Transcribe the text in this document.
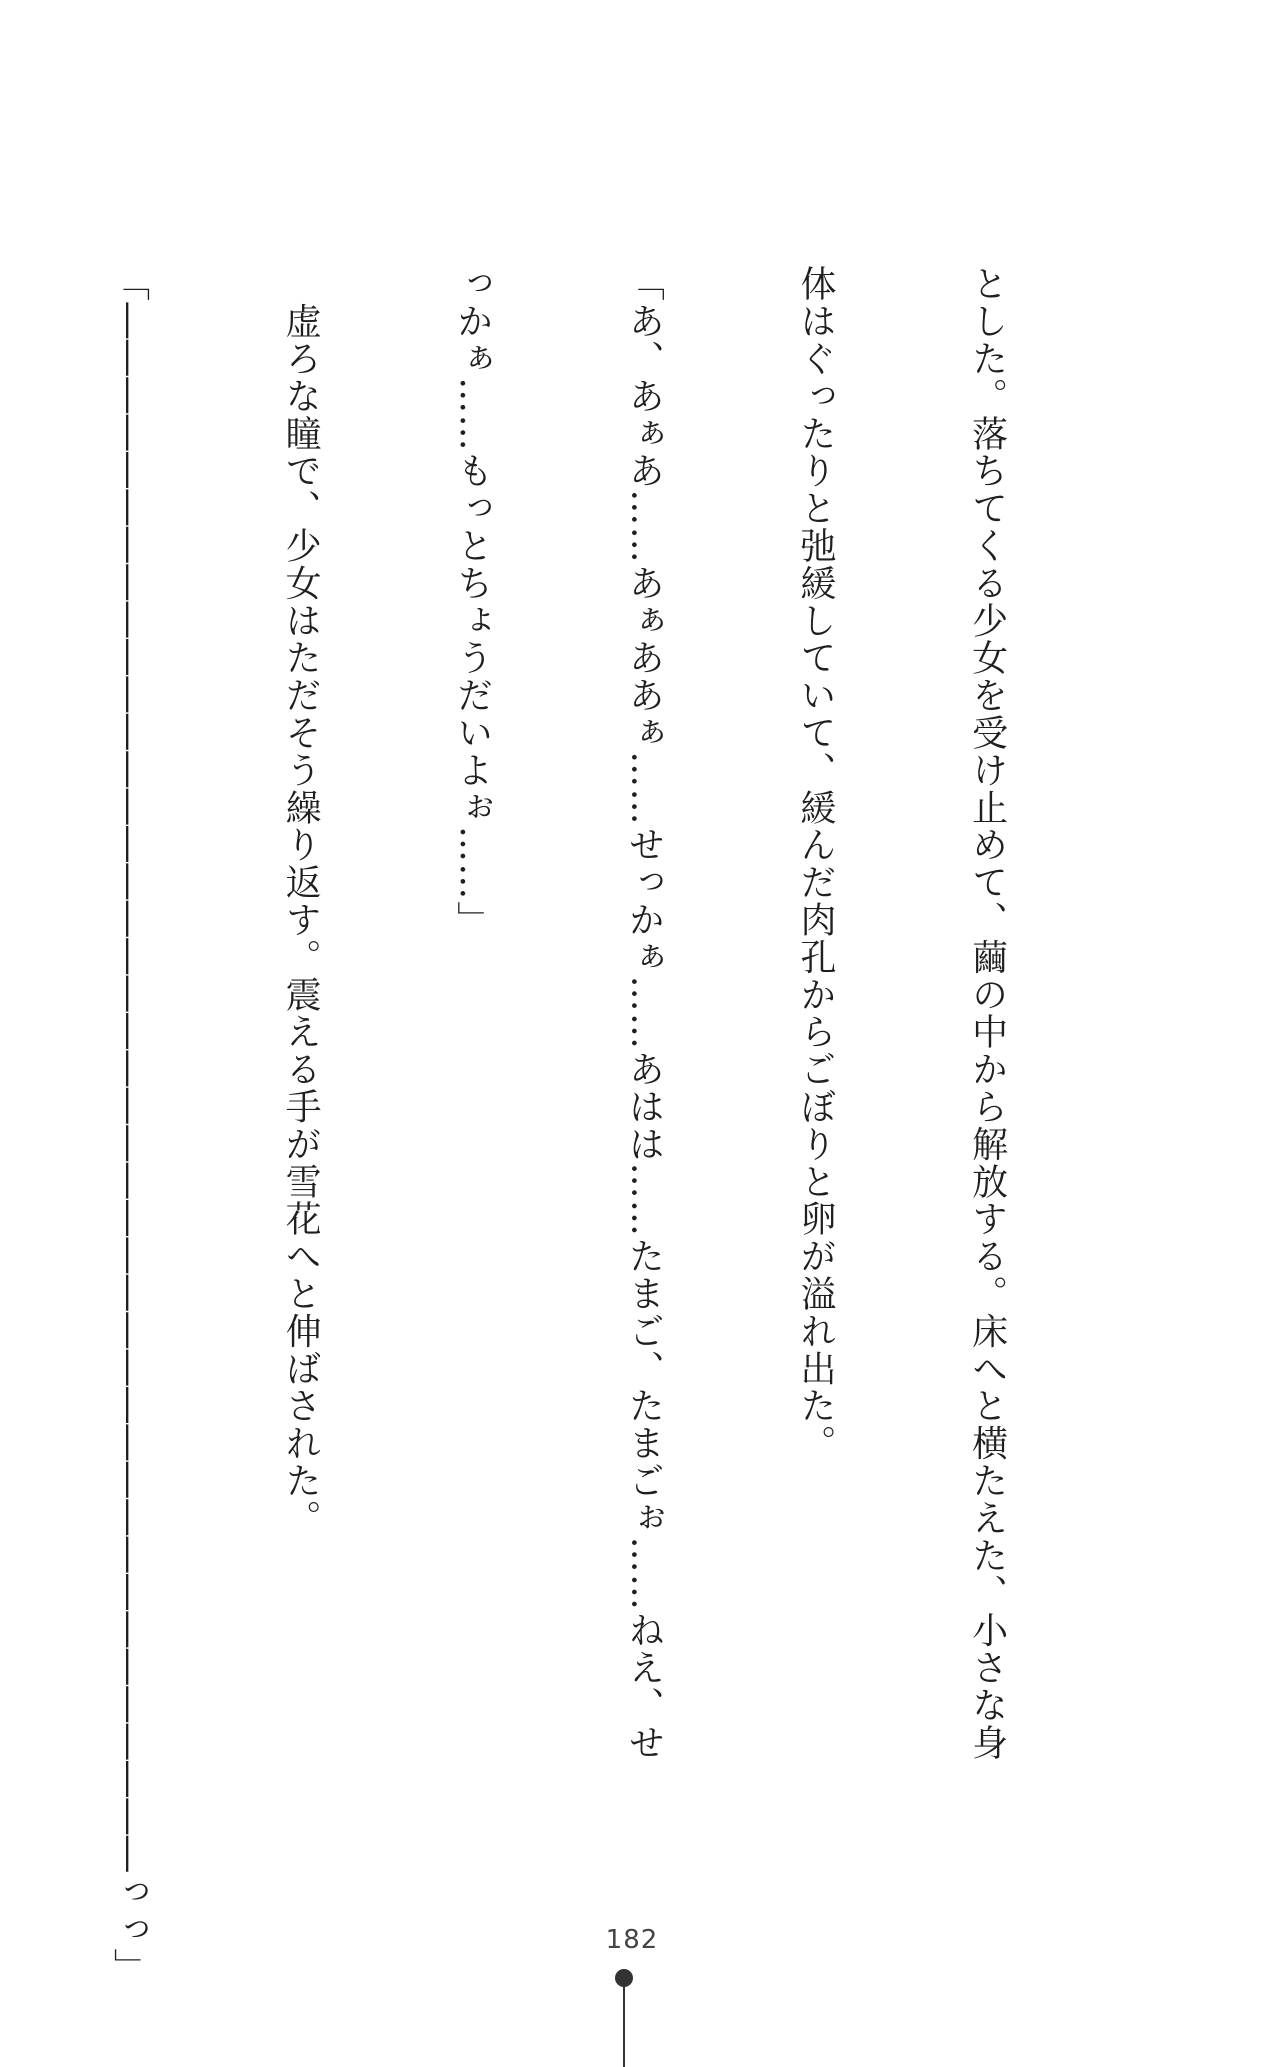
とした。落ちてくる少女を受け止めて、繭の中から解放する。床へと横たえた、小さな身

体はぐったりと弛緩していて、緩んだ肉孔からごぼりと卵が溢れ出た。

「あ、あぁあ……あぁああぁ……せっかぁ……あはは……たまご、たまごぉ……ねえ、せ

っかぁ……もっとちょうだいよぉ……」

　虚ろな瞳で、少女はただそう繰り返す。震える手が雪花へと伸ばされた。

「――――――――――――――――――――――――――――――――――――――――――っっ」

	182
